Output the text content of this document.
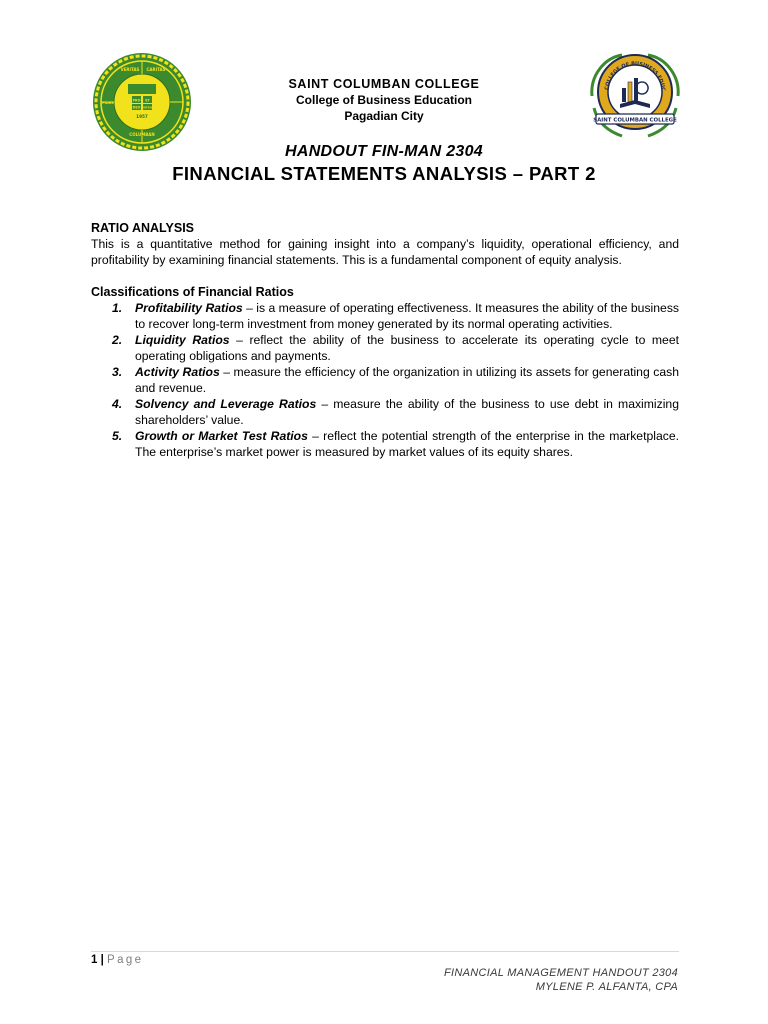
VERITAS CARITAS
FIDES
COLUMBAN
PRO ET
DEO PATRIA
1957
SAINT COLUMBAN COLLEGE
College of Business Education
Pagadian City
COLLEGE OF BUSINESS EDUC
SAINT COLUMBAN COLLEGE
HANDOUT FIN-MAN 2304
FINANCIAL STATEMENTS ANALYSIS – PART 2

RATIO ANALYSIS

This is a quantitative method for gaining insight into a company’s liquidity, operational efficiency, and profitability by examining financial statements. This is a fundamental component of equity analysis.

Classifications of Financial Ratios

1. Profitability Ratios – is a measure of operating effectiveness. It measures the ability of the business to recover long-term investment from money generated by its normal operating activities.
2. Liquidity Ratios – reflect the ability of the business to accelerate its operating cycle to meet operating obligations and payments.
3. Activity Ratios – measure the efficiency of the organization in utilizing its assets for generating cash and revenue.
4. Solvency and Leverage Ratios – measure the ability of the business to use debt in maximizing shareholders’ value.
5. Growth or Market Test Ratios – reflect the potential strength of the enterprise in the marketplace. The enterprise’s market power is measured by market values of its equity shares.
1 | Page
FINANCIAL MANAGEMENT HANDOUT 2304
MYLENE P. ALFANTA, CPA
